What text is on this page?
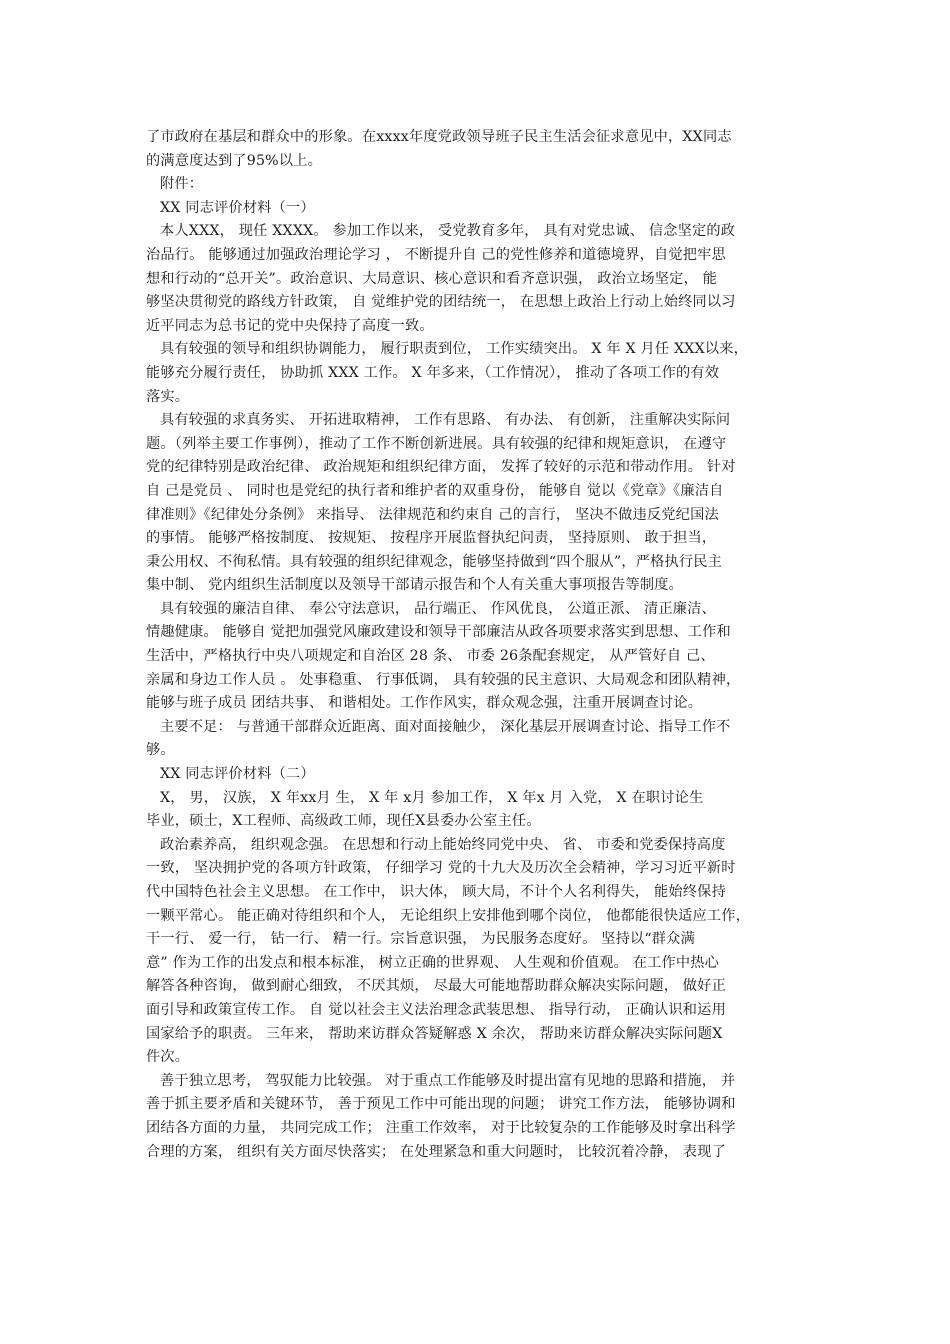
了市政府在基层和群众中的形象。在xxxx年度党政领导班子民主生活会征求意见中，XX同志
的满意度达到了95%以上。
附件：
XX 同志评价材料（一）
本人XXX， 现任 XXXX。 参加工作以来， 受党教育多年， 具有对党忠诚、 信念坚定的政
治品行。 能够通过加强政治理论学习 ， 不断提升自 己的党性修养和道德境界，自觉把牢思
想和行动的“总开关”。政治意识、大局意识、核心意识和看齐意识强， 政治立场坚定， 能
够坚决贯彻党的路线方针政策， 自 觉维护党的团结统一， 在思想上政治上行动上始终同以习
近平同志为总书记的党中央保持了高度一致。
具有较强的领导和组织协调能力， 履行职责到位， 工作实绩突出。 X 年 X 月任 XXX以来，
能够充分履行责任， 协助抓 XXX 工作。 X 年多来，（工作情况）， 推动了各项工作的有效
落实。
具有较强的求真务实、 开拓进取精神， 工作有思路、 有办法、 有创新， 注重解决实际问
题。（列举主要工作事例），推动了工作不断创新进展。具有较强的纪律和规矩意识， 在遵守
党的纪律特别是政治纪律、 政治规矩和组织纪律方面， 发挥了较好的示范和带动作用。 针对
自 己是党员 、 同时也是党纪的执行者和维护者的双重身份， 能够自 觉以《党章》《廉洁自
律准则》《纪律处分条例》 来指导、 法律规范和约束自 己的言行， 坚决不做违反党纪国法
的事情。 能够严格按制度、 按规矩、 按程序开展监督执纪问责， 坚持原则、 敢于担当，
秉公用权、不徇私情。具有较强的组织纪律观念，能够坚持做到“四个服从”，严格执行民主
集中制、 党内组织生活制度以及领导干部请示报告和个人有关重大事项报告等制度。
具有较强的廉洁自律、 奉公守法意识， 品行端正、 作风优良， 公道正派、 清正廉洁、
情趣健康。 能够自 觉把加强党风廉政建设和领导干部廉洁从政各项要求落实到思想、工作和
生活中，严格执行中央八项规定和自治区 28 条、 市委 26条配套规定， 从严管好自 己、
亲属和身边工作人员 。 处事稳重、 行事低调， 具有较强的民主意识、大局观念和团队精神，
能够与班子成员 团结共事、 和谐相处。工作作风实，群众观念强，注重开展调查讨论。
主要不足： 与普通干部群众近距离、面对面接触少， 深化基层开展调查讨论、指导工作不
够。
XX 同志评价材料（二）
X， 男， 汉族， X 年xx月 生， X 年 x月 参加工作， X 年x 月 入党， X 在职讨论生
毕业，硕士，X工程师、高级政工师，现任X县委办公室主任。
政治素养高， 组织观念强。 在思想和行动上能始终同党中央、 省、 市委和党委保持高度
一致， 坚决拥护党的各项方针政策， 仔细学习 党的十九大及历次全会精神，学习习近平新时
代中国特色社会主义思想。 在工作中， 识大体， 顾大局，不计个人名利得失， 能始终保持
一颗平常心。 能正确对待组织和个人， 无论组织上安排他到哪个岗位， 他都能很快适应工作，
干一行、 爱一行， 钻一行、 精一行。宗旨意识强， 为民服务态度好。 坚持以“群众满
意” 作为工作的出发点和根本标准， 树立正确的世界观、 人生观和价值观。 在工作中热心
解答各种咨询， 做到耐心细致， 不厌其烦， 尽最大可能地帮助群众解决实际问题， 做好正
面引导和政策宣传工作。 自 觉以社会主义法治理念武装思想、 指导行动， 正确认识和运用
国家给予的职责。 三年来， 帮助来访群众答疑解惑 X 余次， 帮助来访群众解决实际问题X
件次。
善于独立思考， 驾驭能力比较强。 对于重点工作能够及时提出富有见地的思路和措施， 并
善于抓主要矛盾和关键环节， 善于预见工作中可能出现的问题； 讲究工作方法， 能够协调和
团结各方面的力量， 共同完成工作； 注重工作效率， 对于比较复杂的工作能够及时拿出科学
合理的方案， 组织有关方面尽快落实； 在处理紧急和重大问题时， 比较沉着冷静， 表现了
